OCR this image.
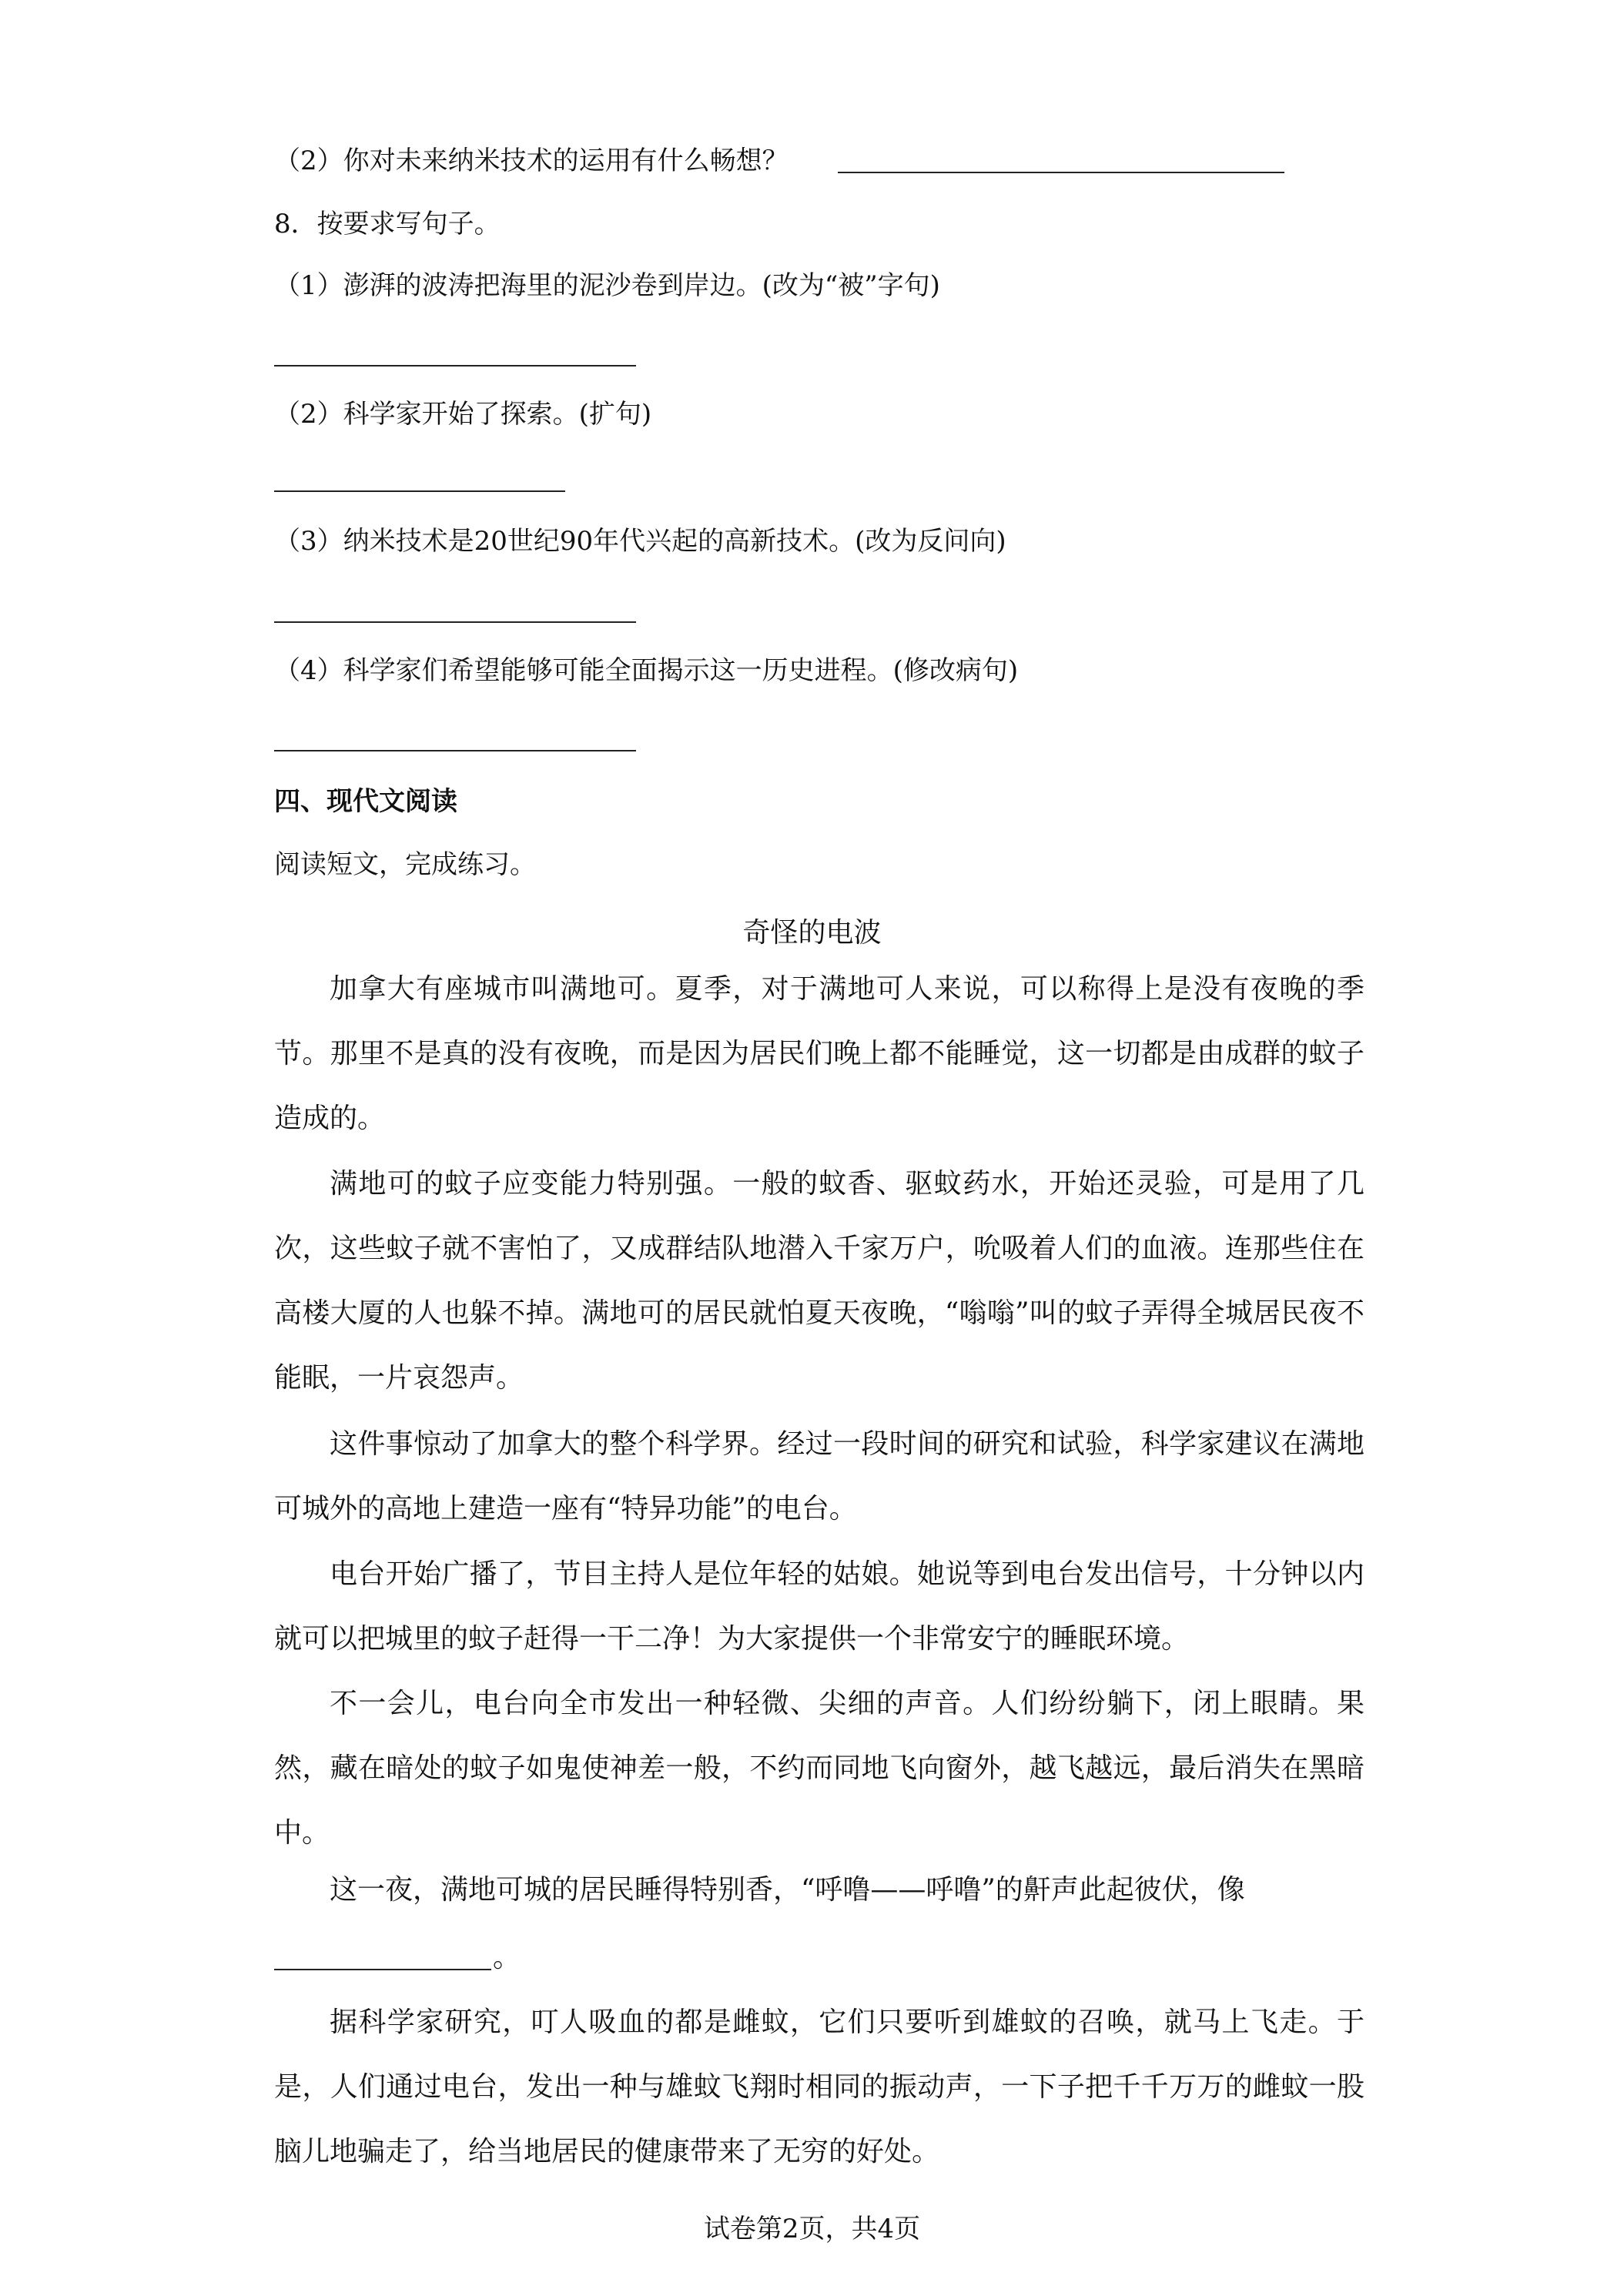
（2）你对未来纳米技术的运用有什么畅想？
8．按要求写句子。
（1）澎湃的波涛把海里的泥沙卷到岸边。(改为“被”字句)
（2）科学家开始了探索。(扩句)
（3）纳米技术是20世纪90年代兴起的高新技术。(改为反问向)
（4）科学家们希望能够可能全面揭示这一历史进程。(修改病句)
四、现代文阅读
阅读短文，完成练习。
奇怪的电波

加拿大有座城市叫满地可。夏季，对于满地可人来说，可以称得上是没有夜晚的季节。那里不是真的没有夜晚，而是因为居民们晚上都不能睡觉，这一切都是由成群的蚊子造成的。

满地可的蚊子应变能力特别强。一般的蚊香、驱蚊药水，开始还灵验，可是用了几次，这些蚊子就不害怕了，又成群结队地潜入千家万户，吮吸着人们的血液。连那些住在高楼大厦的人也躲不掉。满地可的居民就怕夏天夜晚，“嗡嗡”叫的蚊子弄得全城居民夜不能眠，一片哀怨声。

这件事惊动了加拿大的整个科学界。经过一段时间的研究和试验，科学家建议在满地可城外的高地上建造一座有“特异功能”的电台。

电台开始广播了，节目主持人是位年轻的姑娘。她说等到电台发出信号，十分钟以内就可以把城里的蚊子赶得一干二净！为大家提供一个非常安宁的睡眠环境。

不一会儿，电台向全市发出一种轻微、尖细的声音。人们纷纷躺下，闭上眼睛。果然，藏在暗处的蚊子如鬼使神差一般，不约而同地飞向窗外，越飞越远，最后消失在黑暗中。

这一夜，满地可城的居民睡得特别香，“呼噜——呼噜”的鼾声此起彼伏，像
。

据科学家研究，叮人吸血的都是雌蚊，它们只要听到雄蚊的召唤，就马上飞走。于是，人们通过电台，发出一种与雄蚊飞翔时相同的振动声，一下子把千千万万的雌蚊一股脑儿地骗走了，给当地居民的健康带来了无穷的好处。

试卷第2页，共4页
